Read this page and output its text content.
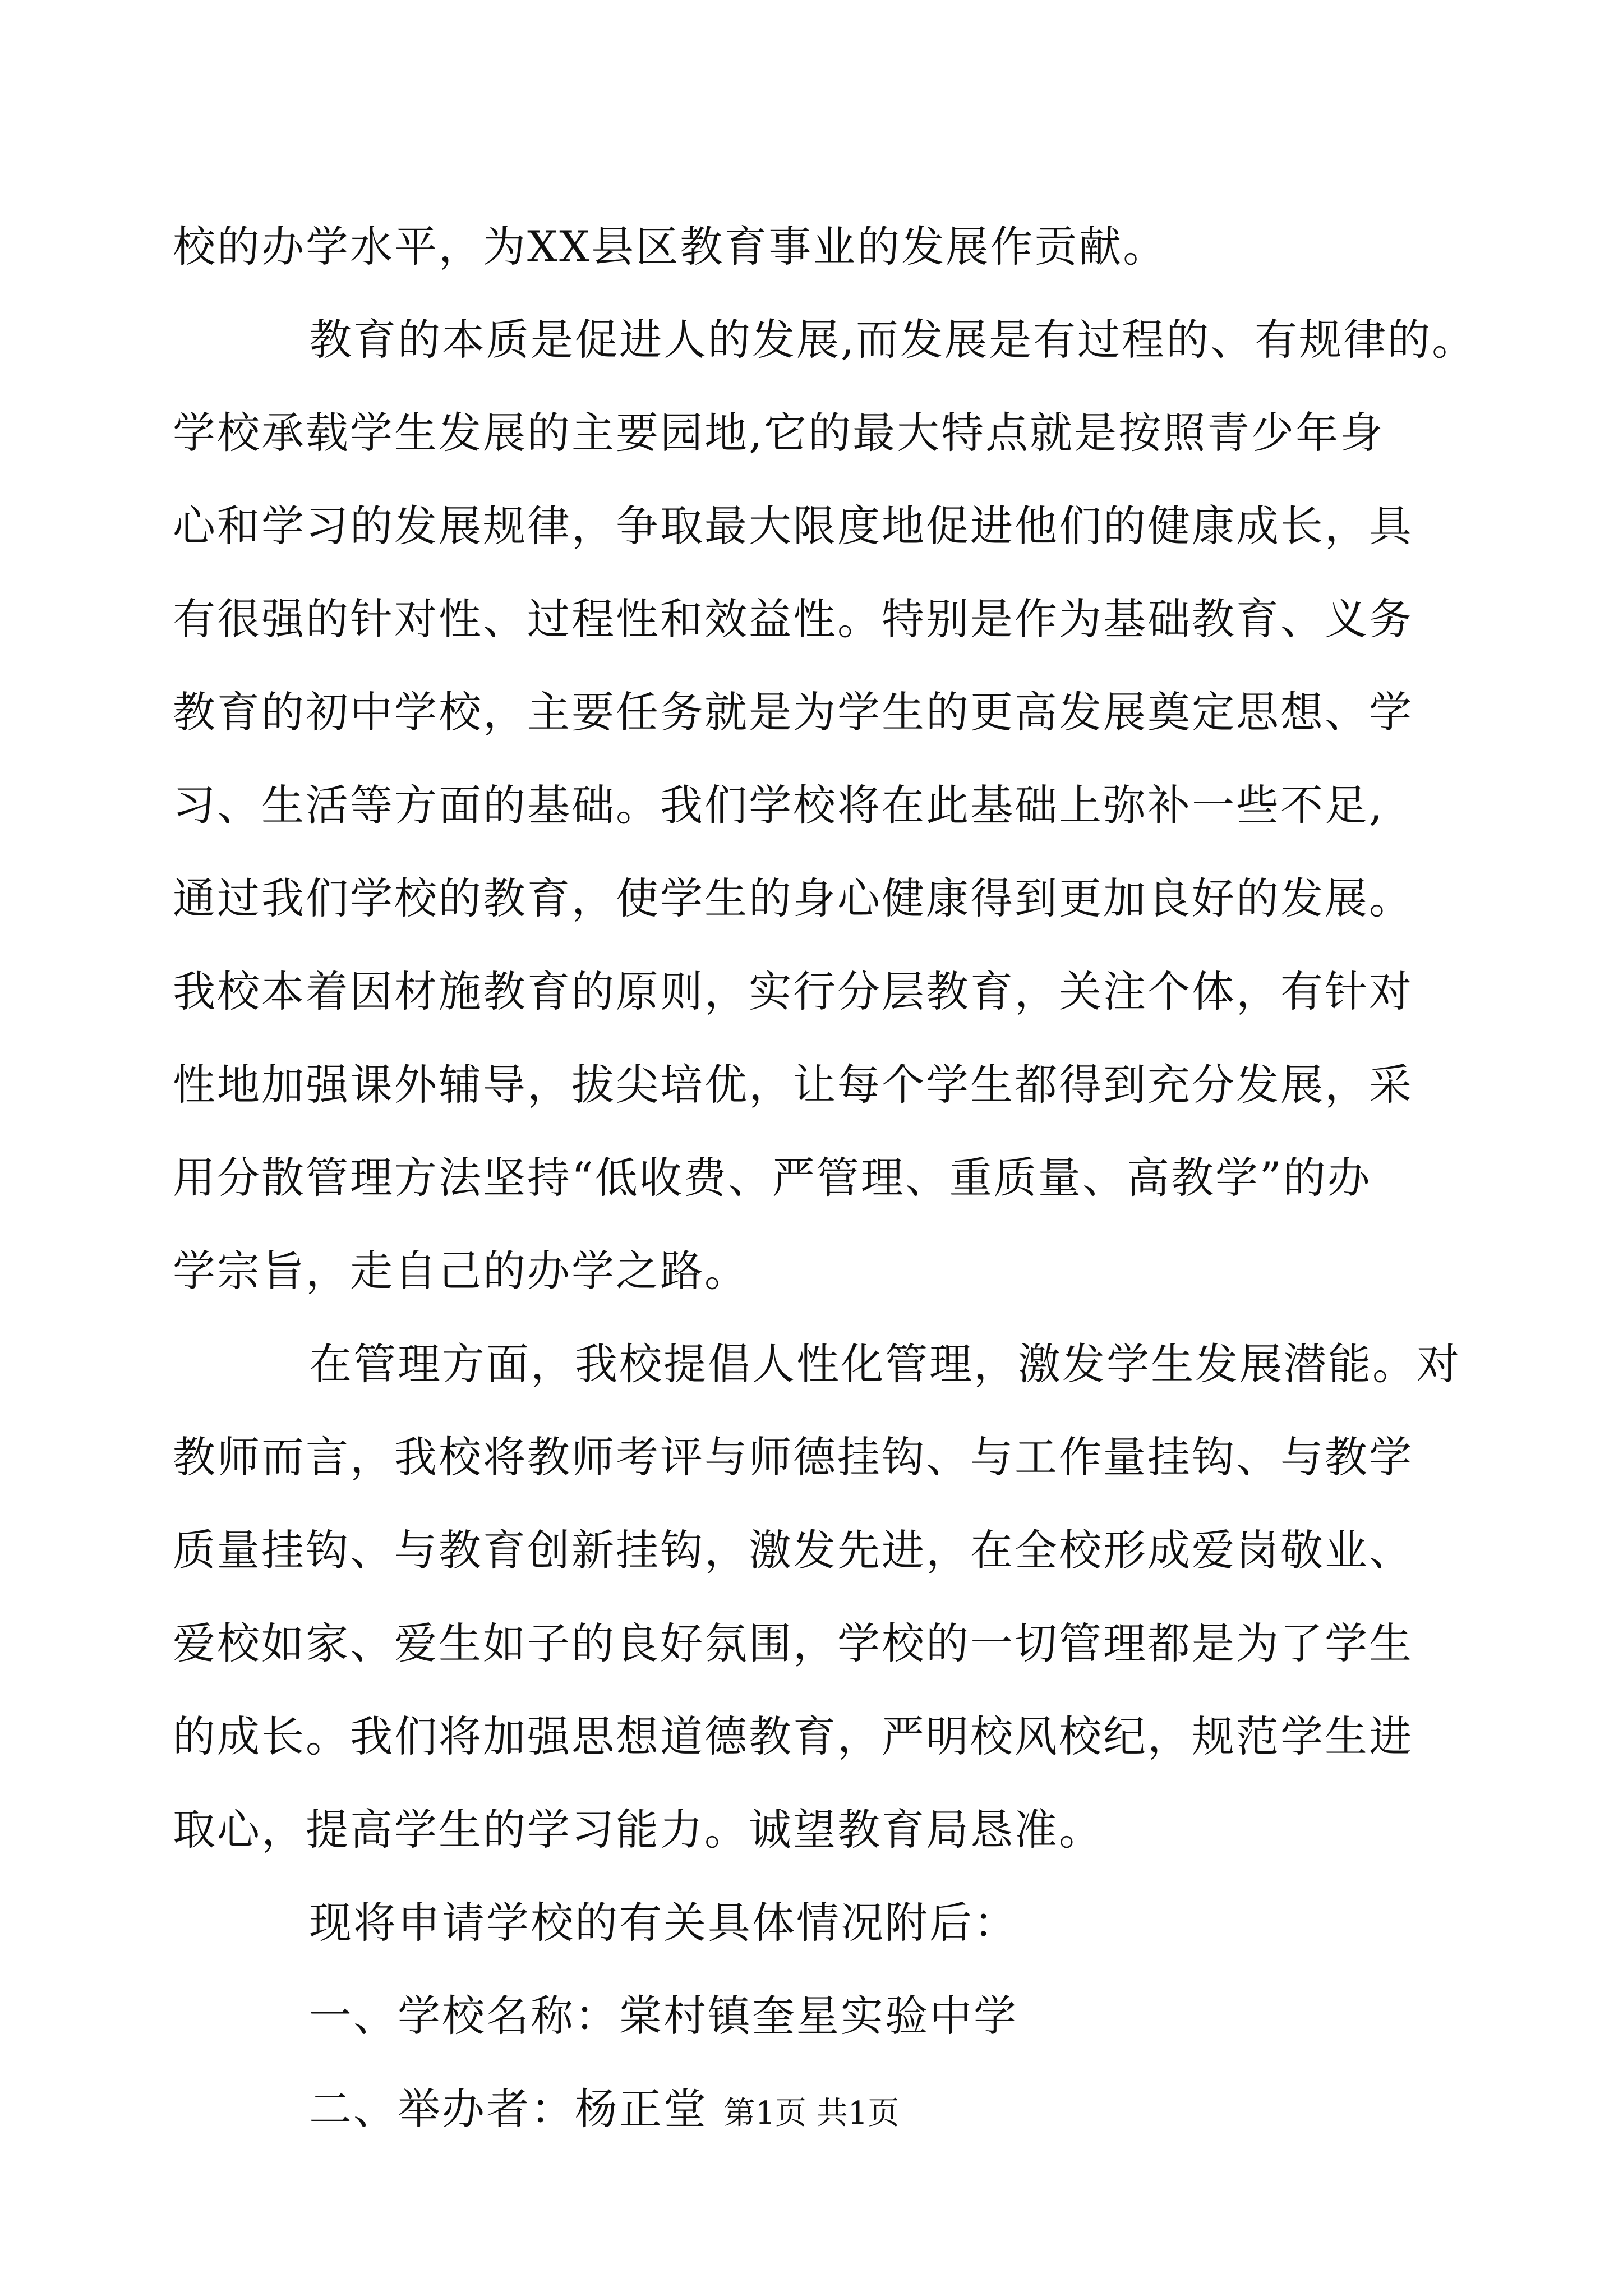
校的办学水平，为XX县区教育事业的发展作贡献。
教育的本质是促进人的发展,而发展是有过程的、有规律的。
学校承载学生发展的主要园地,它的最大特点就是按照青少年身
心和学习的发展规律，争取最大限度地促进他们的健康成长，具
有很强的针对性、过程性和效益性。特别是作为基础教育、义务
教育的初中学校，主要任务就是为学生的更高发展奠定思想、学
习、生活等方面的基础。我们学校将在此基础上弥补一些不足,
通过我们学校的教育，使学生的身心健康得到更加良好的发展。
我校本着因材施教育的原则，实行分层教育，关注个体，有针对
性地加强课外辅导，拔尖培优，让每个学生都得到充分发展，采
用分散管理方法坚持“低收费、严管理、重质量、高教学”的办
学宗旨，走自己的办学之路。
在管理方面，我校提倡人性化管理，激发学生发展潜能。对
教师而言，我校将教师考评与师德挂钩、与工作量挂钩、与教学
质量挂钩、与教育创新挂钩，激发先进，在全校形成爱岗敬业、
爱校如家、爱生如子的良好氛围，学校的一切管理都是为了学生
的成长。我们将加强思想道德教育，严明校风校纪，规范学生进
取心，提高学生的学习能力。诚望教育局恳准。
现将申请学校的有关具体情况附后：
一、学校名称：棠村镇奎星实验中学
二、举办者：杨正堂 第1页 共1页
